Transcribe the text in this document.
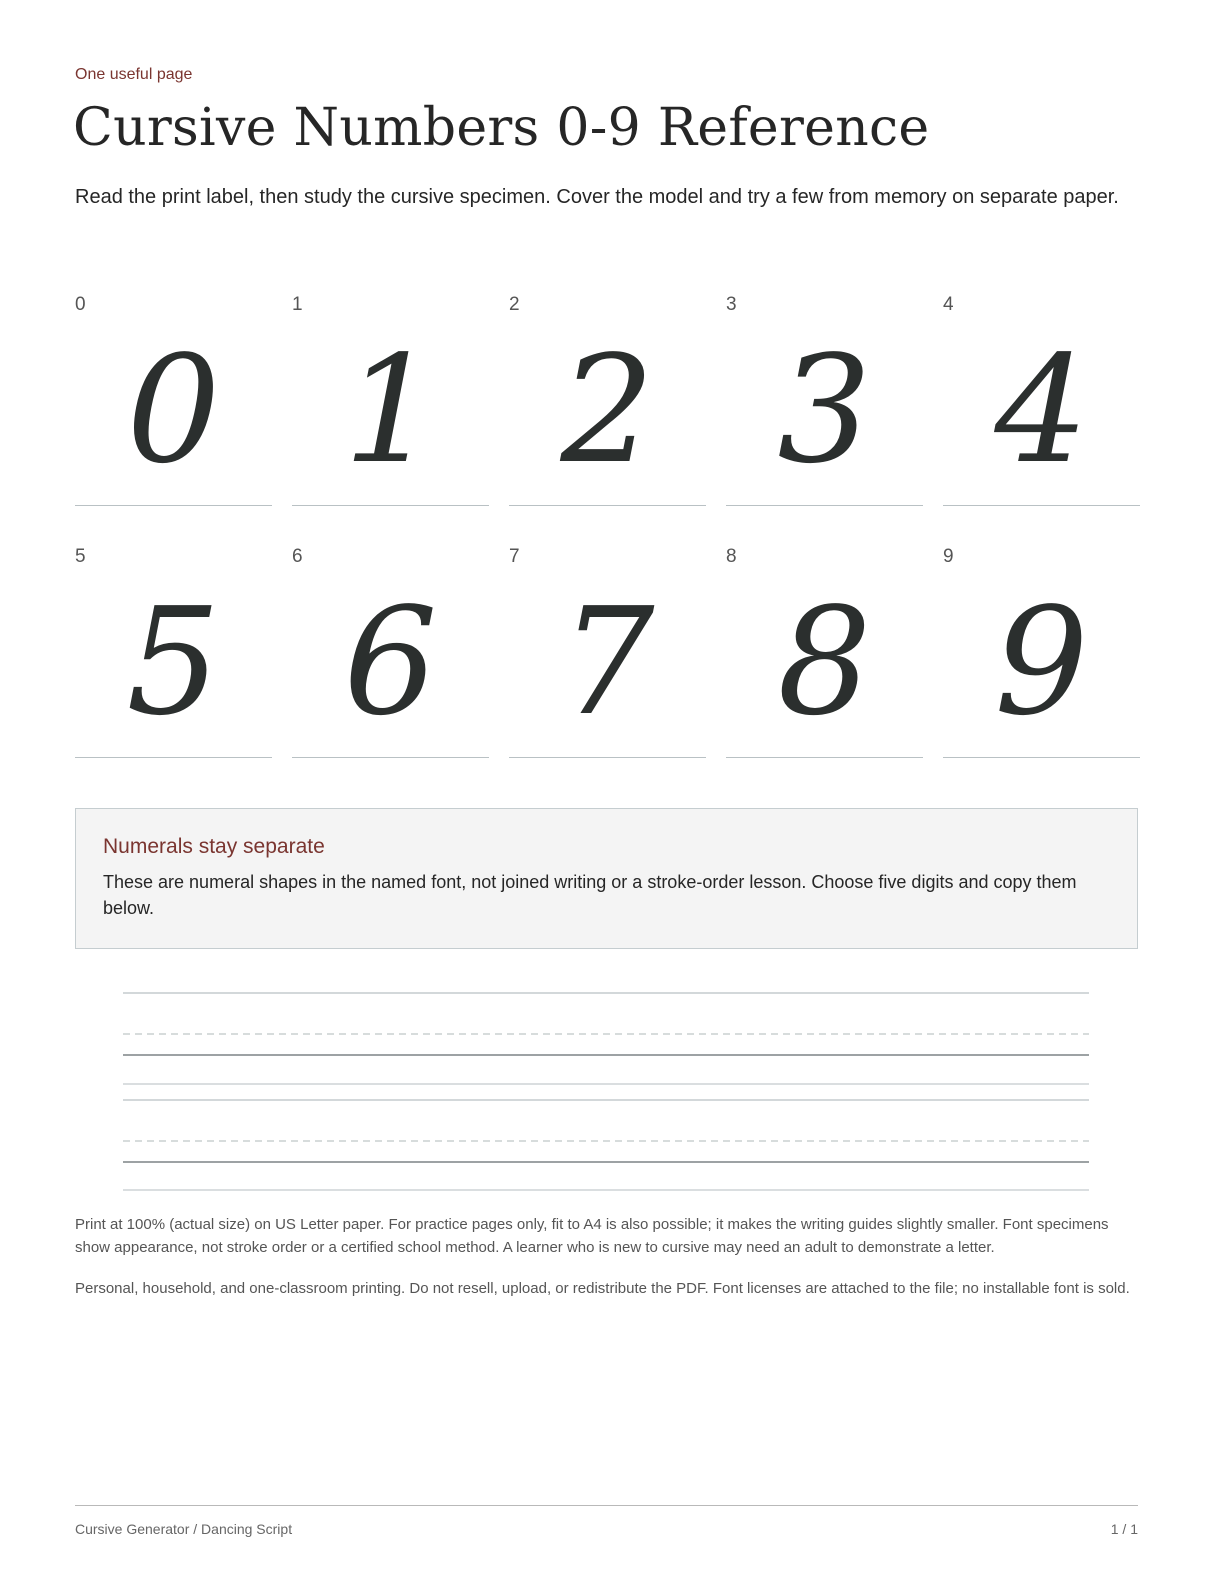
One useful page
Cursive Numbers 0-9 Reference

Read the print label, then study the cursive specimen. Cover the model and try a few from memory on separate paper.

0
0
1
1
2
2
3
3
4
4
5
5
6
6
7
7
8
8
9
9
Numerals stay separate

These are numeral shapes in the named font, not joined writing or a stroke-order lesson. Choose five digits and copy them below.

Print at 100% (actual size) on US Letter paper. For practice pages only, fit to A4 is also possible; it makes the writing guides slightly smaller. Font specimens show appearance, not stroke order or a certified school method. A learner who is new to cursive may need an adult to demonstrate a letter.

Personal, household, and one-classroom printing. Do not resell, upload, or redistribute the PDF. Font licenses are attached to the file; no installable font is sold.

Cursive Generator / Dancing Script	1 / 1
